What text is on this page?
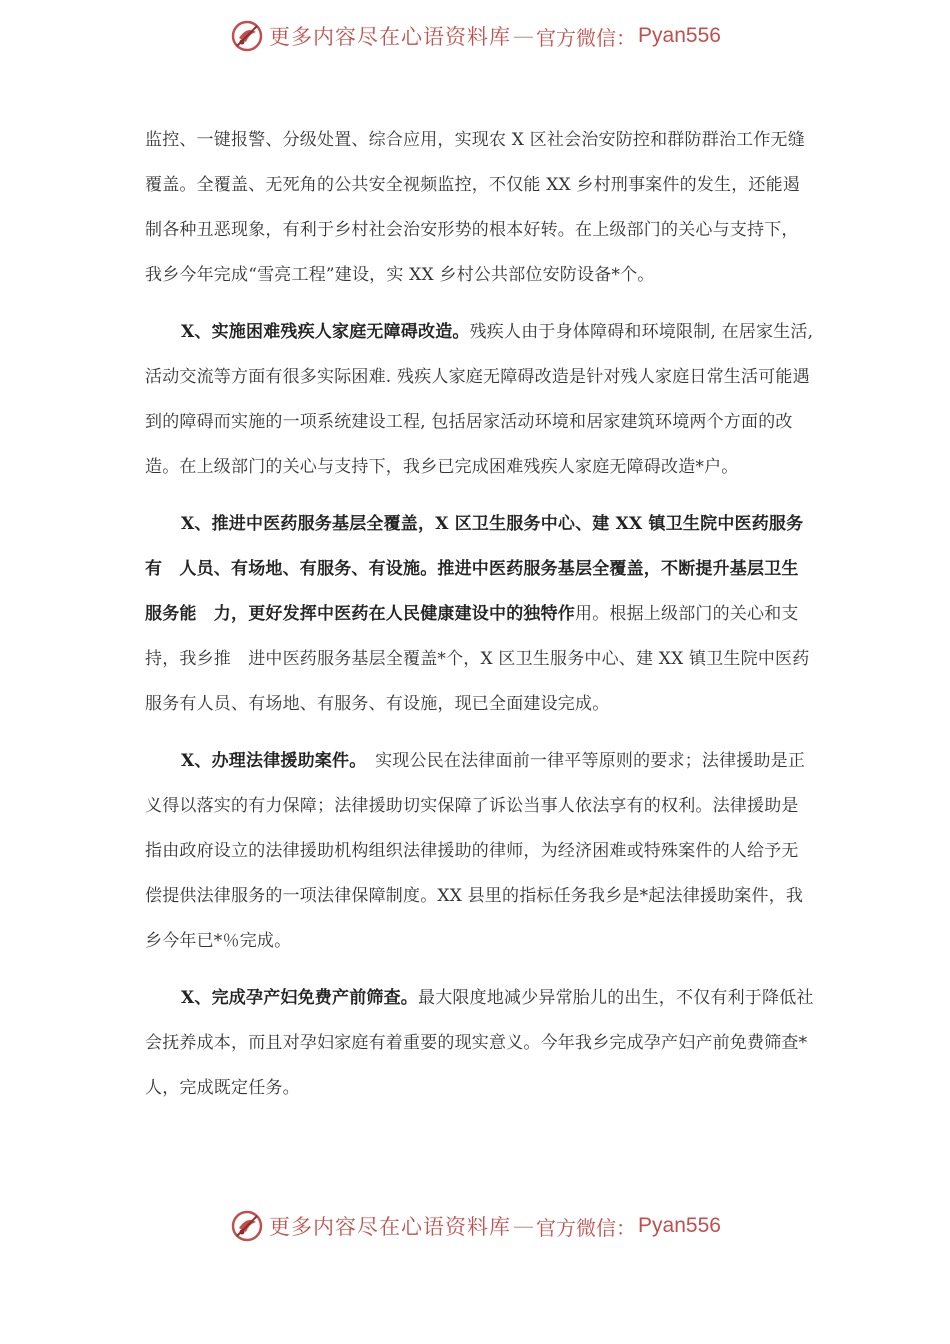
更多内容尽在心语资料库 — 官方微信： Pyan556

监控、一键报警、分级处置、综合应用，实现农 X 区社会治安防控和群防群治工作无缝覆盖。全覆盖、无死角的公共安全视频监控，不仅能 XX 乡村刑事案件的发生，还能遏制各种丑恶现象，有利于乡村社会治安形势的根本好转。在上级部门的关心与支持下，我乡今年完成“雪亮工程”建设，实 XX 乡村公共部位安防设备*个。

X、实施困难残疾人家庭无障碍改造。残疾人由于身体障碍和环境限制, 在居家生活, 活动交流等方面有很多实际困难. 残疾人家庭无障碍改造是针对残人家庭日常生活可能遇到的障碍而实施的一项系统建设工程, 包括居家活动环境和居家建筑环境两个方面的改造。在上级部门的关心与支持下，我乡已完成困难残疾人家庭无障碍改造*户。

X、推进中医药服务基层全覆盖，X 区卫生服务中心、建 XX 镇卫生院中医药服务有　人员、有场地、有服务、有设施。推进中医药服务基层全覆盖，不断提升基层卫生服务能　力，更好发挥中医药在人民健康建设中的独特作用。根据上级部门的关心和支持，我乡推　进中医药服务基层全覆盖*个，X 区卫生服务中心、建 XX 镇卫生院中医药服务有人员、有场地、有服务、有设施，现已全面建设完成。

X、办理法律援助案件。　实现公民在法律面前一律平等原则的要求；法律援助是正义得以落实的有力保障；法律援助切实保障了诉讼当事人依法享有的权利。法律援助是指由政府设立的法律援助机构组织法律援助的律师，为经济困难或特殊案件的人给予无偿提供法律服务的一项法律保障制度。XX 县里的指标任务我乡是*起法律援助案件，我乡今年已*％完成。

X、完成孕产妇免费产前筛查。最大限度地减少异常胎儿的出生，不仅有利于降低社会抚养成本，而且对孕妇家庭有着重要的现实意义。今年我乡完成孕产妇产前免费筛查*人，完成既定任务。

更多内容尽在心语资料库 — 官方微信： Pyan556
